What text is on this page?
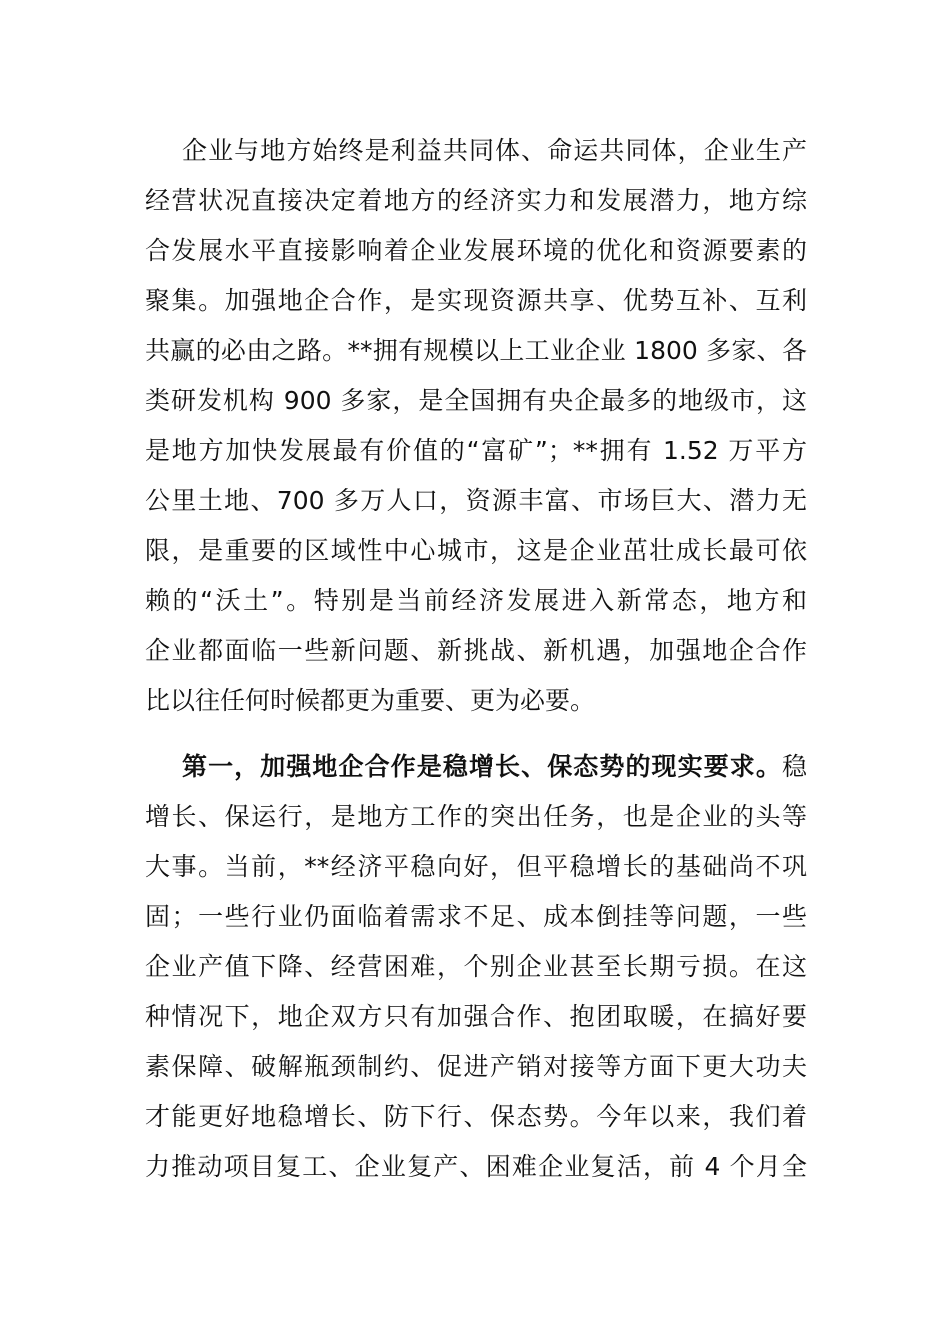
企业与地方始终是利益共同体、命运共同体，企业生产
经营状况直接决定着地方的经济实力和发展潜力，地方综
合发展水平直接影响着企业发展环境的优化和资源要素的
聚集。加强地企合作，是实现资源共享、优势互补、互利
共赢的必由之路。**拥有规模以上工业企业 1800 多家、各
类研发机构 900 多家，是全国拥有央企最多的地级市，这
是地方加快发展最有价值的“富矿”；**拥有 1.52 万平方
公里土地、700 多万人口，资源丰富、市场巨大、潜力无
限，是重要的区域性中心城市，这是企业茁壮成长最可依
赖的“沃土”。特别是当前经济发展进入新常态，地方和
企业都面临一些新问题、新挑战、新机遇，加强地企合作
比以往任何时候都更为重要、更为必要。
第一，加强地企合作是稳增长、保态势的现实要求。稳
增长、保运行，是地方工作的突出任务，也是企业的头等
大事。当前，**经济平稳向好，但平稳增长的基础尚不巩
固；一些行业仍面临着需求不足、成本倒挂等问题，一些
企业产值下降、经营困难，个别企业甚至长期亏损。在这
种情况下，地企双方只有加强合作、抱团取暖，在搞好要
素保障、破解瓶颈制约、促进产销对接等方面下更大功夫
才能更好地稳增长、防下行、保态势。今年以来，我们着
力推动项目复工、企业复产、困难企业复活，前 4 个月全
